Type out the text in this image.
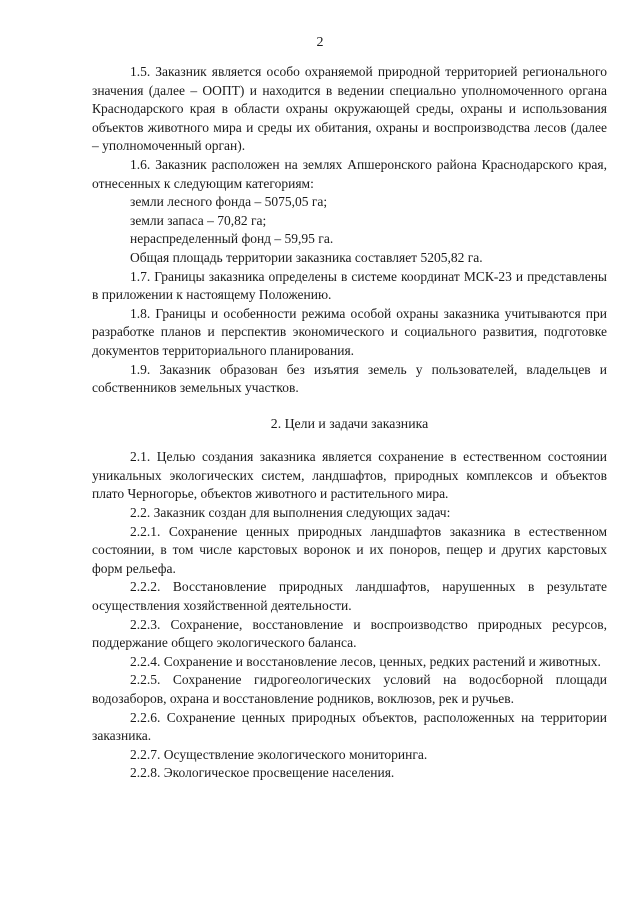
2

1.5. Заказник является особо охраняемой природной территорией регионального значения (далее – ООПТ) и находится в ведении специально уполномоченного органа Краснодарского края в области охраны окружающей среды, охраны и использования объектов животного мира и среды их обитания, охраны и воспроизводства лесов (далее – уполномоченный орган).

1.6. Заказник расположен на землях Апшеронского района Краснодарского края, отнесенных к следующим категориям:

земли лесного фонда – 5075,05 га;

земли запаса – 70,82 га;

нераспределенный фонд – 59,95 га.

Общая площадь территории заказника составляет 5205,82 га.

1.7. Границы заказника определены в системе координат МСК-23 и представлены в приложении к настоящему Положению.

1.8. Границы и особенности режима особой охраны заказника учитываются при разработке планов и перспектив экономического и социального развития, подготовке документов территориального планирования.

1.9. Заказник образован без изъятия земель у пользователей, владельцев и собственников земельных участков.

2. Цели и задачи заказника

2.1. Целью создания заказника является сохранение в естественном состоянии уникальных экологических систем, ландшафтов, природных комплексов и объектов плато Черногорье, объектов животного и растительного мира.

2.2. Заказник создан для выполнения следующих задач:

2.2.1. Сохранение ценных природных ландшафтов заказника в естественном состоянии, в том числе карстовых воронок и их поноров, пещер и других карстовых форм рельефа.

2.2.2. Восстановление природных ландшафтов, нарушенных в результате осуществления хозяйственной деятельности.

2.2.3. Сохранение, восстановление и воспроизводство природных ресурсов, поддержание общего экологического баланса.

2.2.4. Сохранение и восстановление лесов, ценных, редких растений и животных.

2.2.5. Сохранение гидрогеологических условий на водосборной площади водозаборов, охрана и восстановление родников, воклюзов, рек и ручьев.

2.2.6. Сохранение ценных природных объектов, расположенных на территории заказника.

2.2.7. Осуществление экологического мониторинга.

2.2.8. Экологическое просвещение населения.
